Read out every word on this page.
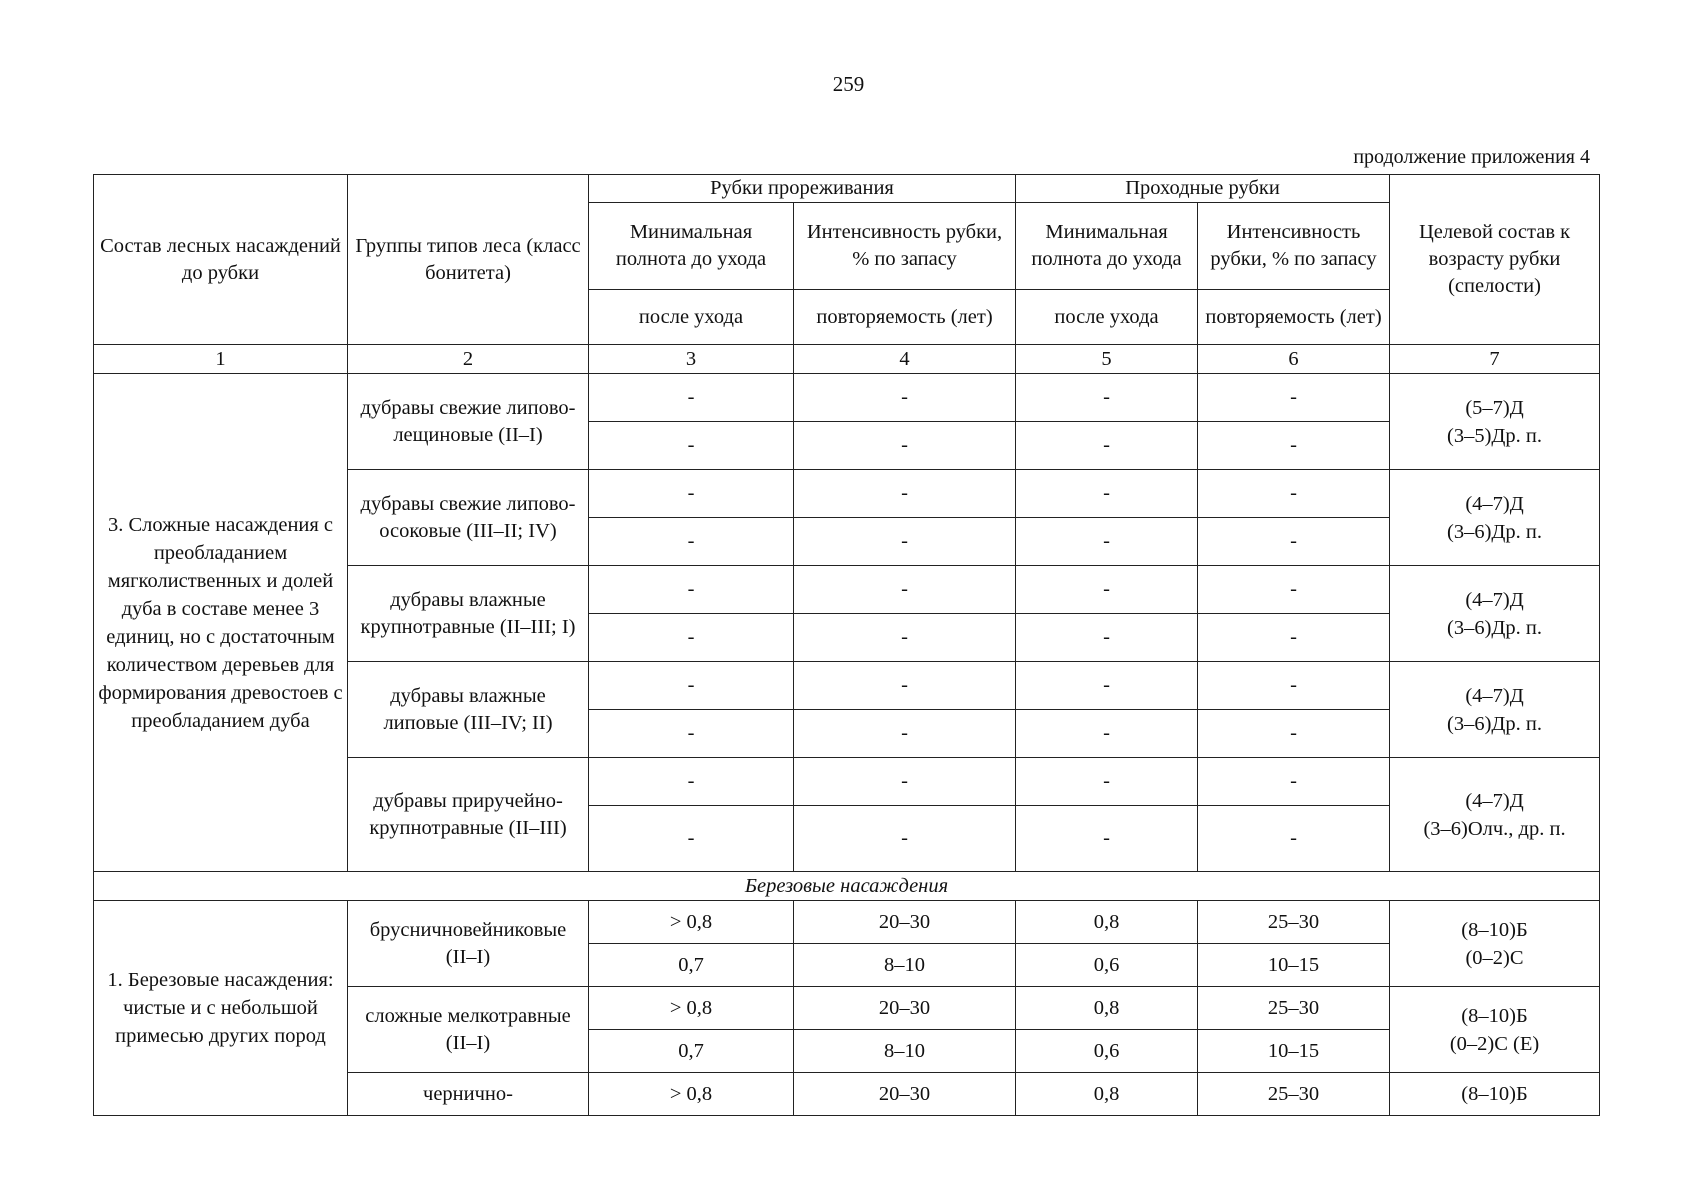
259
продолжение приложения 4
Состав лесных насаждений до рубки	Группы типов леса (класс бонитета)	Рубки прореживания		Проходные рубки		Целевой состав к возрасту рубки (спелости)
		Минимальная полнота до ухода	Интенсивность рубки, % по запасу	Минимальная полнота до ухода	Интенсивность рубки, % по запасу	
		после ухода	повторяемость (лет)	после ухода	повторяемость (лет)	
1	2	3	4	5	6	7
3. Сложные насаждения с преобладанием мягколиственных и долей дуба в составе менее 3 единиц, но с достаточным количеством деревьев для формирования древостоев с преобладанием дуба	дубравы свежие липово-лещиновые (II–I)	-	-	-	-	(5–7)Д
(3–5)Др. п.
		-	-	-	-	
	дубравы свежие липово-осоковые (III–II; IV)	-	-	-	-	(4–7)Д
(3–6)Др. п.
		-	-	-	-	
	дубравы влажные крупнотравные (II–III; I)	-	-	-	-	(4–7)Д
(3–6)Др. п.
		-	-	-	-	
	дубравы влажные липовые (III–IV; II)	-	-	-	-	(4–7)Д
(3–6)Др. п.
		-	-	-	-	
	дубравы приручейно-крупнотравные (II–III)	-	-	-	-	(4–7)Д
(3–6)Олч., др. п.
		-	-	-	-	
Березовые насаждения						
1. Березовые насаждения: чистые и с небольшой примесью других пород	брусничновейниковые (II–I)	> 0,8	20–30	0,8	25–30	(8–10)Б
(0–2)С
		0,7	8–10	0,6	10–15	
	сложные мелкотравные (II–I)	> 0,8	20–30	0,8	25–30	(8–10)Б
(0–2)С (Е)
		0,7	8–10	0,6	10–15	
	чернично-	> 0,8	20–30	0,8	25–30	(8–10)Б
